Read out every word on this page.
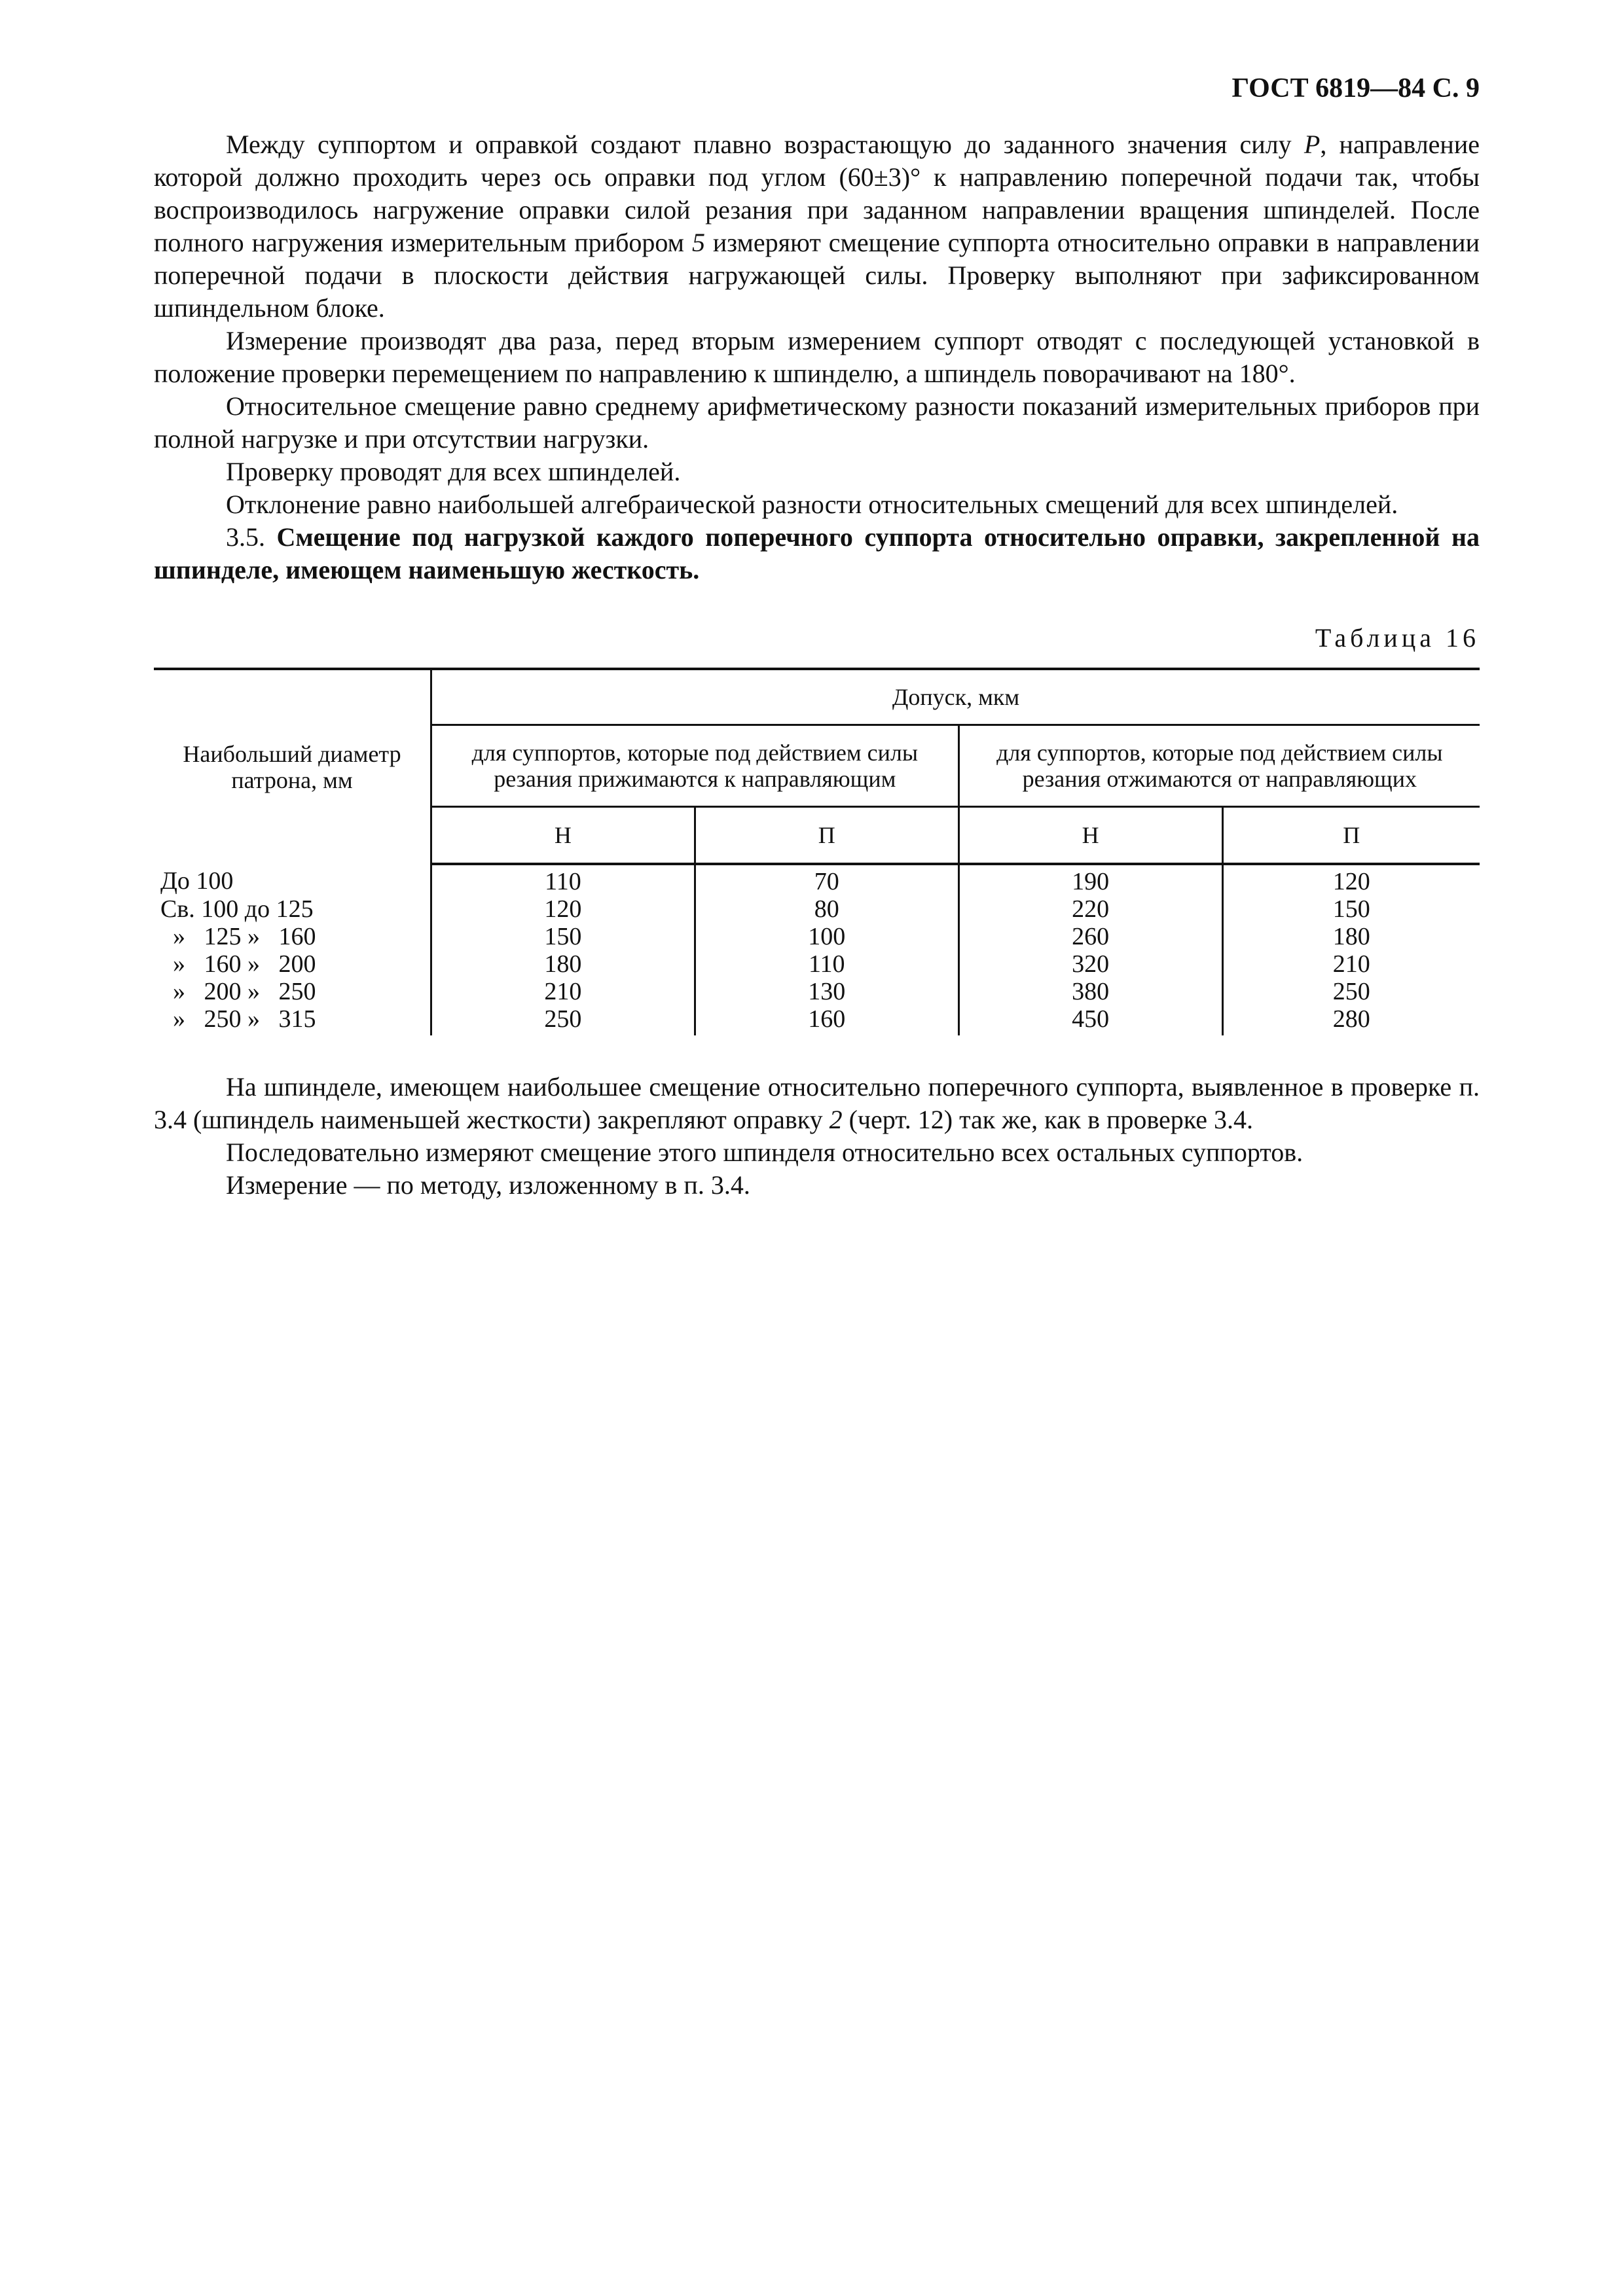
ГОСТ 6819—84 С. 9

Между суппортом и оправкой создают плавно возрастающую до заданного значения силу P, направление которой должно проходить через ось оправки под углом (60±3)° к направлению поперечной подачи так, чтобы воспроизводилось нагружение оправки силой резания при заданном направлении вращения шпинделей. После полного нагружения измерительным прибором 5 измеряют смещение суппорта относительно оправки в направлении поперечной подачи в плоскости действия нагружающей силы. Проверку выполняют при зафиксированном шпиндельном блоке.

Измерение производят два раза, перед вторым измерением суппорт отводят с последующей установкой в положение проверки перемещением по направлению к шпинделю, а шпиндель поворачивают на 180°.

Относительное смещение равно среднему арифметическому разности показаний измерительных приборов при полной нагрузке и при отсутствии нагрузки.

Проверку проводят для всех шпинделей.

Отклонение равно наибольшей алгебраической разности относительных смещений для всех шпинделей.

3.5. Смещение под нагрузкой каждого поперечного суппорта относительно оправки, закрепленной на шпинделе, имеющем наименьшую жесткость.

Таблица 16
Наибольший диаметр патрона, мм	Допуск, мкм			
	для суппортов, которые под действием силы резания прижимаются к направляющим		для суппортов, которые под действием силы резания отжимаются от направляющих	
	Н	П	Н	П
До 100	110	70	190	120
Св. 100 до 125	120	80	220	150
»   125 »   160	150	100	260	180
»   160 »   200	180	110	320	210
»   200 »   250	210	130	380	250
»   250 »   315	250	160	450	280

На шпинделе, имеющем наибольшее смещение относительно поперечного суппорта, выявленное в проверке п. 3.4 (шпиндель наименьшей жесткости) закрепляют оправку 2 (черт. 12) так же, как в проверке 3.4.

Последовательно измеряют смещение этого шпинделя относительно всех остальных суппортов.

Измерение — по методу, изложенному в п. 3.4.
